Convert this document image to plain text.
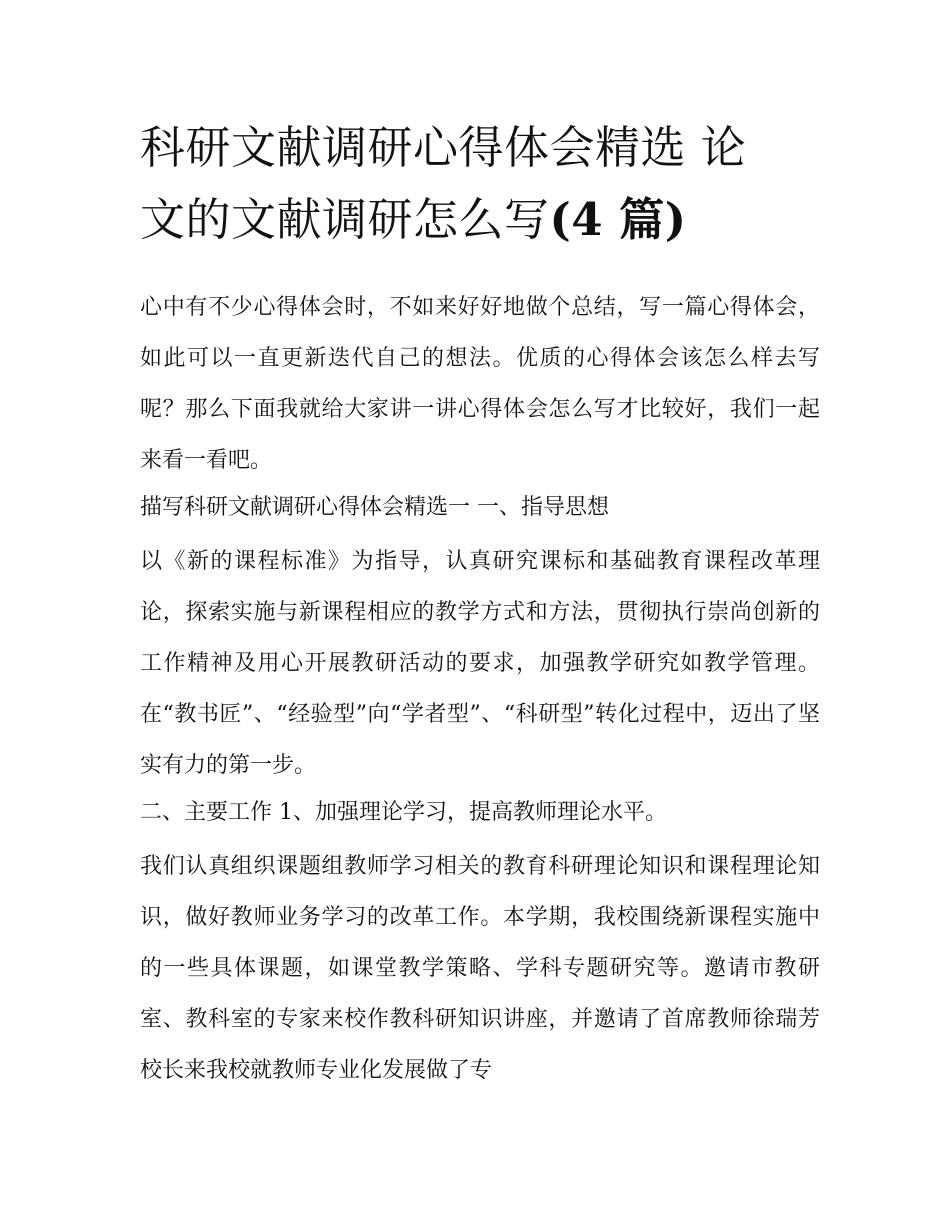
科研文献调研心得体会精选 论
文的文献调研怎么写(4 篇)

心中有不少心得体会时，不如来好好地做个总结，写一篇心得体会，如此可以一直更新迭代自己的想法。优质的心得体会该怎么样去写呢？那么下面我就给大家讲一讲心得体会怎么写才比较好，我们一起来看一看吧。

描写科研文献调研心得体会精选一 一、指导思想

以《新的课程标准》为指导，认真研究课标和基础教育课程改革理论，探索实施与新课程相应的教学方式和方法，贯彻执行崇尚创新的工作精神及用心开展教研活动的要求，加强教学研究如教学管理。在“教书匠”、“经验型”向“学者型”、“科研型”转化过程中，迈出了坚实有力的第一步。

二、主要工作 1、加强理论学习，提高教师理论水平。

我们认真组织课题组教师学习相关的教育科研理论知识和课程理论知识，做好教师业务学习的改革工作。本学期，我校围绕新课程实施中的一些具体课题，如课堂教学策略、学科专题研究等。邀请市教研室、教科室的专家来校作教科研知识讲座，并邀请了首席教师徐瑞芳校长来我校就教师专业化发展做了专
